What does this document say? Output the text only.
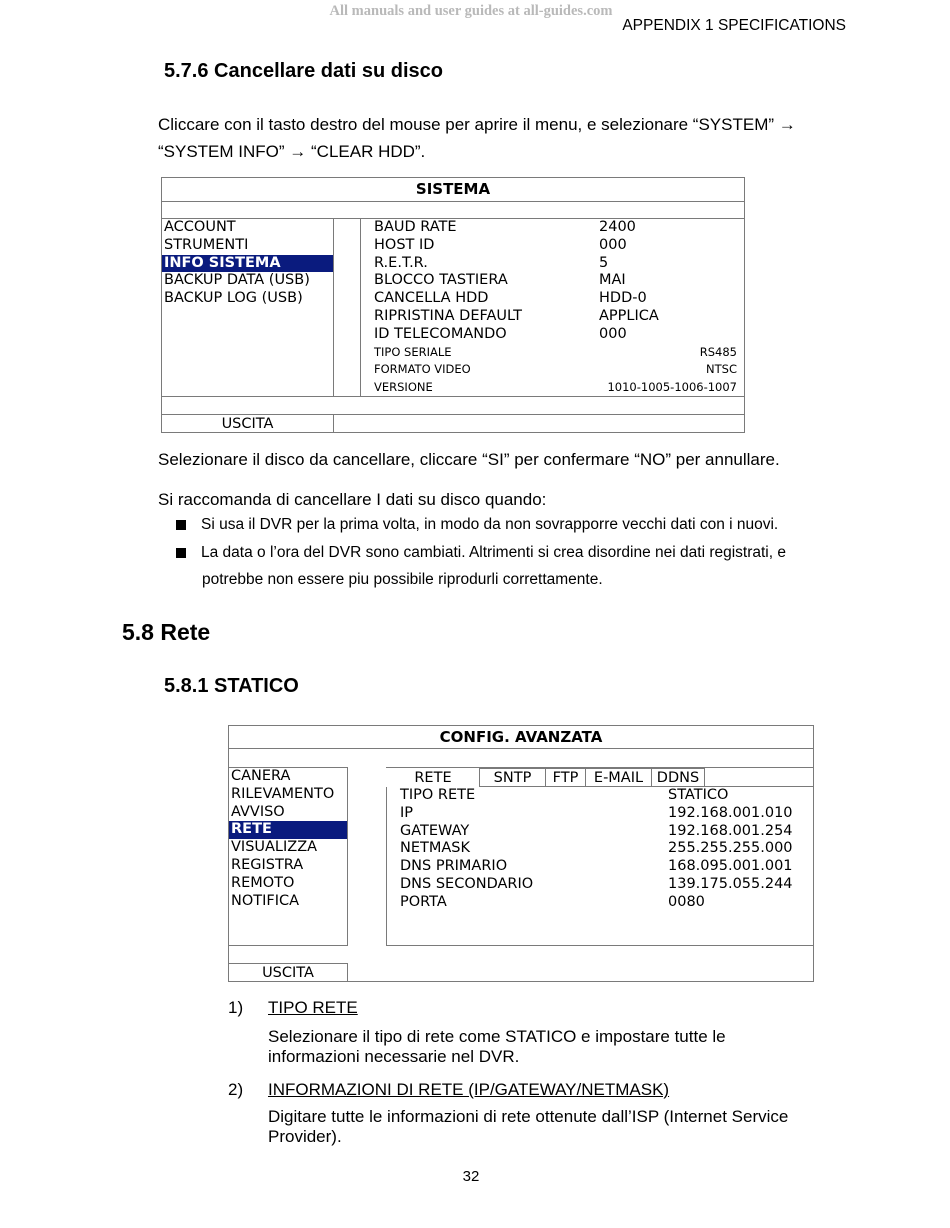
All manuals and user guides at all-guides.com
APPENDIX 1 SPECIFICATIONS
5.7.6 Cancellare dati su disco
Cliccare con il tasto destro del mouse per aprire il menu, e selezionare “SYSTEM” →
“SYSTEM INFO” → “CLEAR HDD”.
SISTEMA
ACCOUNT
STRUMENTI
INFO SISTEMA
BACKUP DATA (USB)
BACKUP LOG (USB)
BAUD RATE	2400
HOST ID	000
R.E.T.R.	5
BLOCCO TASTIERA	MAI
CANCELLA HDD	HDD-0
RIPRISTINA DEFAULT	APPLICA
ID TELECOMANDO	000
TIPO SERIALE	RS485
FORMATO VIDEO	NTSC
VERSIONE	1010-1005-1006-1007
USCITA
Selezionare il disco da cancellare, cliccare “SI” per confermare “NO” per annullare.
Si raccomanda di cancellare I dati su disco quando:
Si usa il DVR per la prima volta, in modo da non sovrapporre vecchi dati con i nuovi.
La data o l’ora del DVR sono cambiati. Altrimenti si crea disordine nei dati registrati, e
potrebbe non essere piu possibile riprodurli correttamente.
5.8 Rete
5.8.1 STATICO
CONFIG. AVANZATA
CANERA
RILEVAMENTO
AVVISO
RETE
VISUALIZZA
REGISTRA
REMOTO
NOTIFICA
RETE	SNTP	FTP	E-MAIL DDNS
TIPO RETE	STATICO
IP	192.168.001.010
GATEWAY	192.168.001.254
NETMASK	255.255.255.000
DNS PRIMARIO	168.095.001.001
DNS SECONDARIO	139.175.055.244
PORTA	0080
USCITA
1) TIPO RETE
Selezionare il tipo di rete come STATICO e impostare tutte le
informazioni necessarie nel DVR.
2) INFORMAZIONI DI RETE (IP/GATEWAY/NETMASK)
Digitare tutte le informazioni di rete ottenute dall’ISP (Internet Service
Provider).
32
